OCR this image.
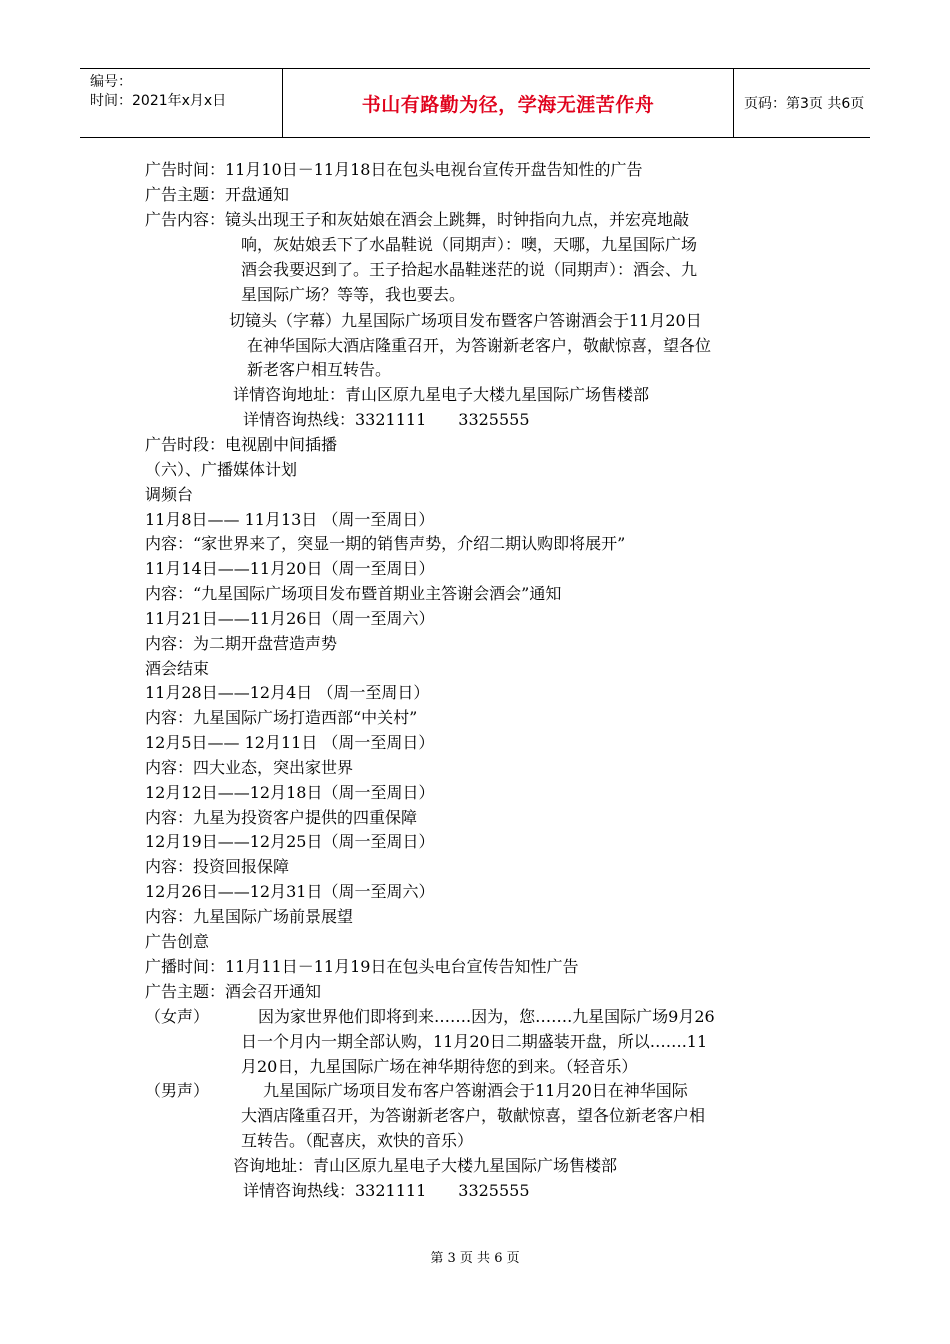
编号：
时间：2021年x月x日	书山有路勤为径，学海无涯苦作舟	页码：第3页 共6页
广告时间：11月10日－11月18日在包头电视台宣传开盘告知性的广告
广告主题：开盘通知
广告内容：镜头出现王子和灰姑娘在酒会上跳舞，时钟指向九点，并宏亮地敲
响，灰姑娘丢下了水晶鞋说（同期声）：噢，天哪，九星国际广场
酒会我要迟到了。王子拾起水晶鞋迷茫的说（同期声）：酒会、九
星国际广场？等等，我也要去。
切镜头（字幕）九星国际广场项目发布暨客户答谢酒会于11月20日
在神华国际大酒店隆重召开，为答谢新老客户，敬献惊喜，望各位
新老客户相互转告。
详情咨询地址：青山区原九星电子大楼九星国际广场售楼部
详情咨询热线：3321111　　3325555
广告时段：电视剧中间插播
（六）、广播媒体计划
调频台
11月8日—— 11月13日 （周一至周日）
内容：“家世界来了，突显一期的销售声势，介绍二期认购即将展开”
11月14日——11月20日（周一至周日）
内容：“九星国际广场项目发布暨首期业主答谢会酒会”通知
11月21日——11月26日（周一至周六）
内容：为二期开盘营造声势
酒会结束
11月28日——12月4日 （周一至周日）
内容：九星国际广场打造西部“中关村”
12月5日—— 12月11日 （周一至周日）
内容：四大业态，突出家世界
12月12日——12月18日（周一至周日）
内容：九星为投资客户提供的四重保障
12月19日——12月25日（周一至周日）
内容：投资回报保障
12月26日——12月31日（周一至周六）
内容：九星国际广场前景展望
广告创意
广播时间：11月11日－11月19日在包头电台宣传告知性广告
广告主题：酒会召开通知
（女声）	因为家世界他们即将到来…….因为，您…….九星国际广场9月26
日一个月内一期全部认购，11月20日二期盛装开盘，所以…….11
月20日，九星国际广场在神华期待您的到来。（轻音乐）
（男声）	九星国际广场项目发布客户答谢酒会于11月20日在神华国际
大酒店隆重召开，为答谢新老客户，敬献惊喜，望各位新老客户相
互转告。（配喜庆，欢快的音乐）
咨询地址：青山区原九星电子大楼九星国际广场售楼部
详情咨询热线：3321111　　3325555
第 3 页 共 6 页
